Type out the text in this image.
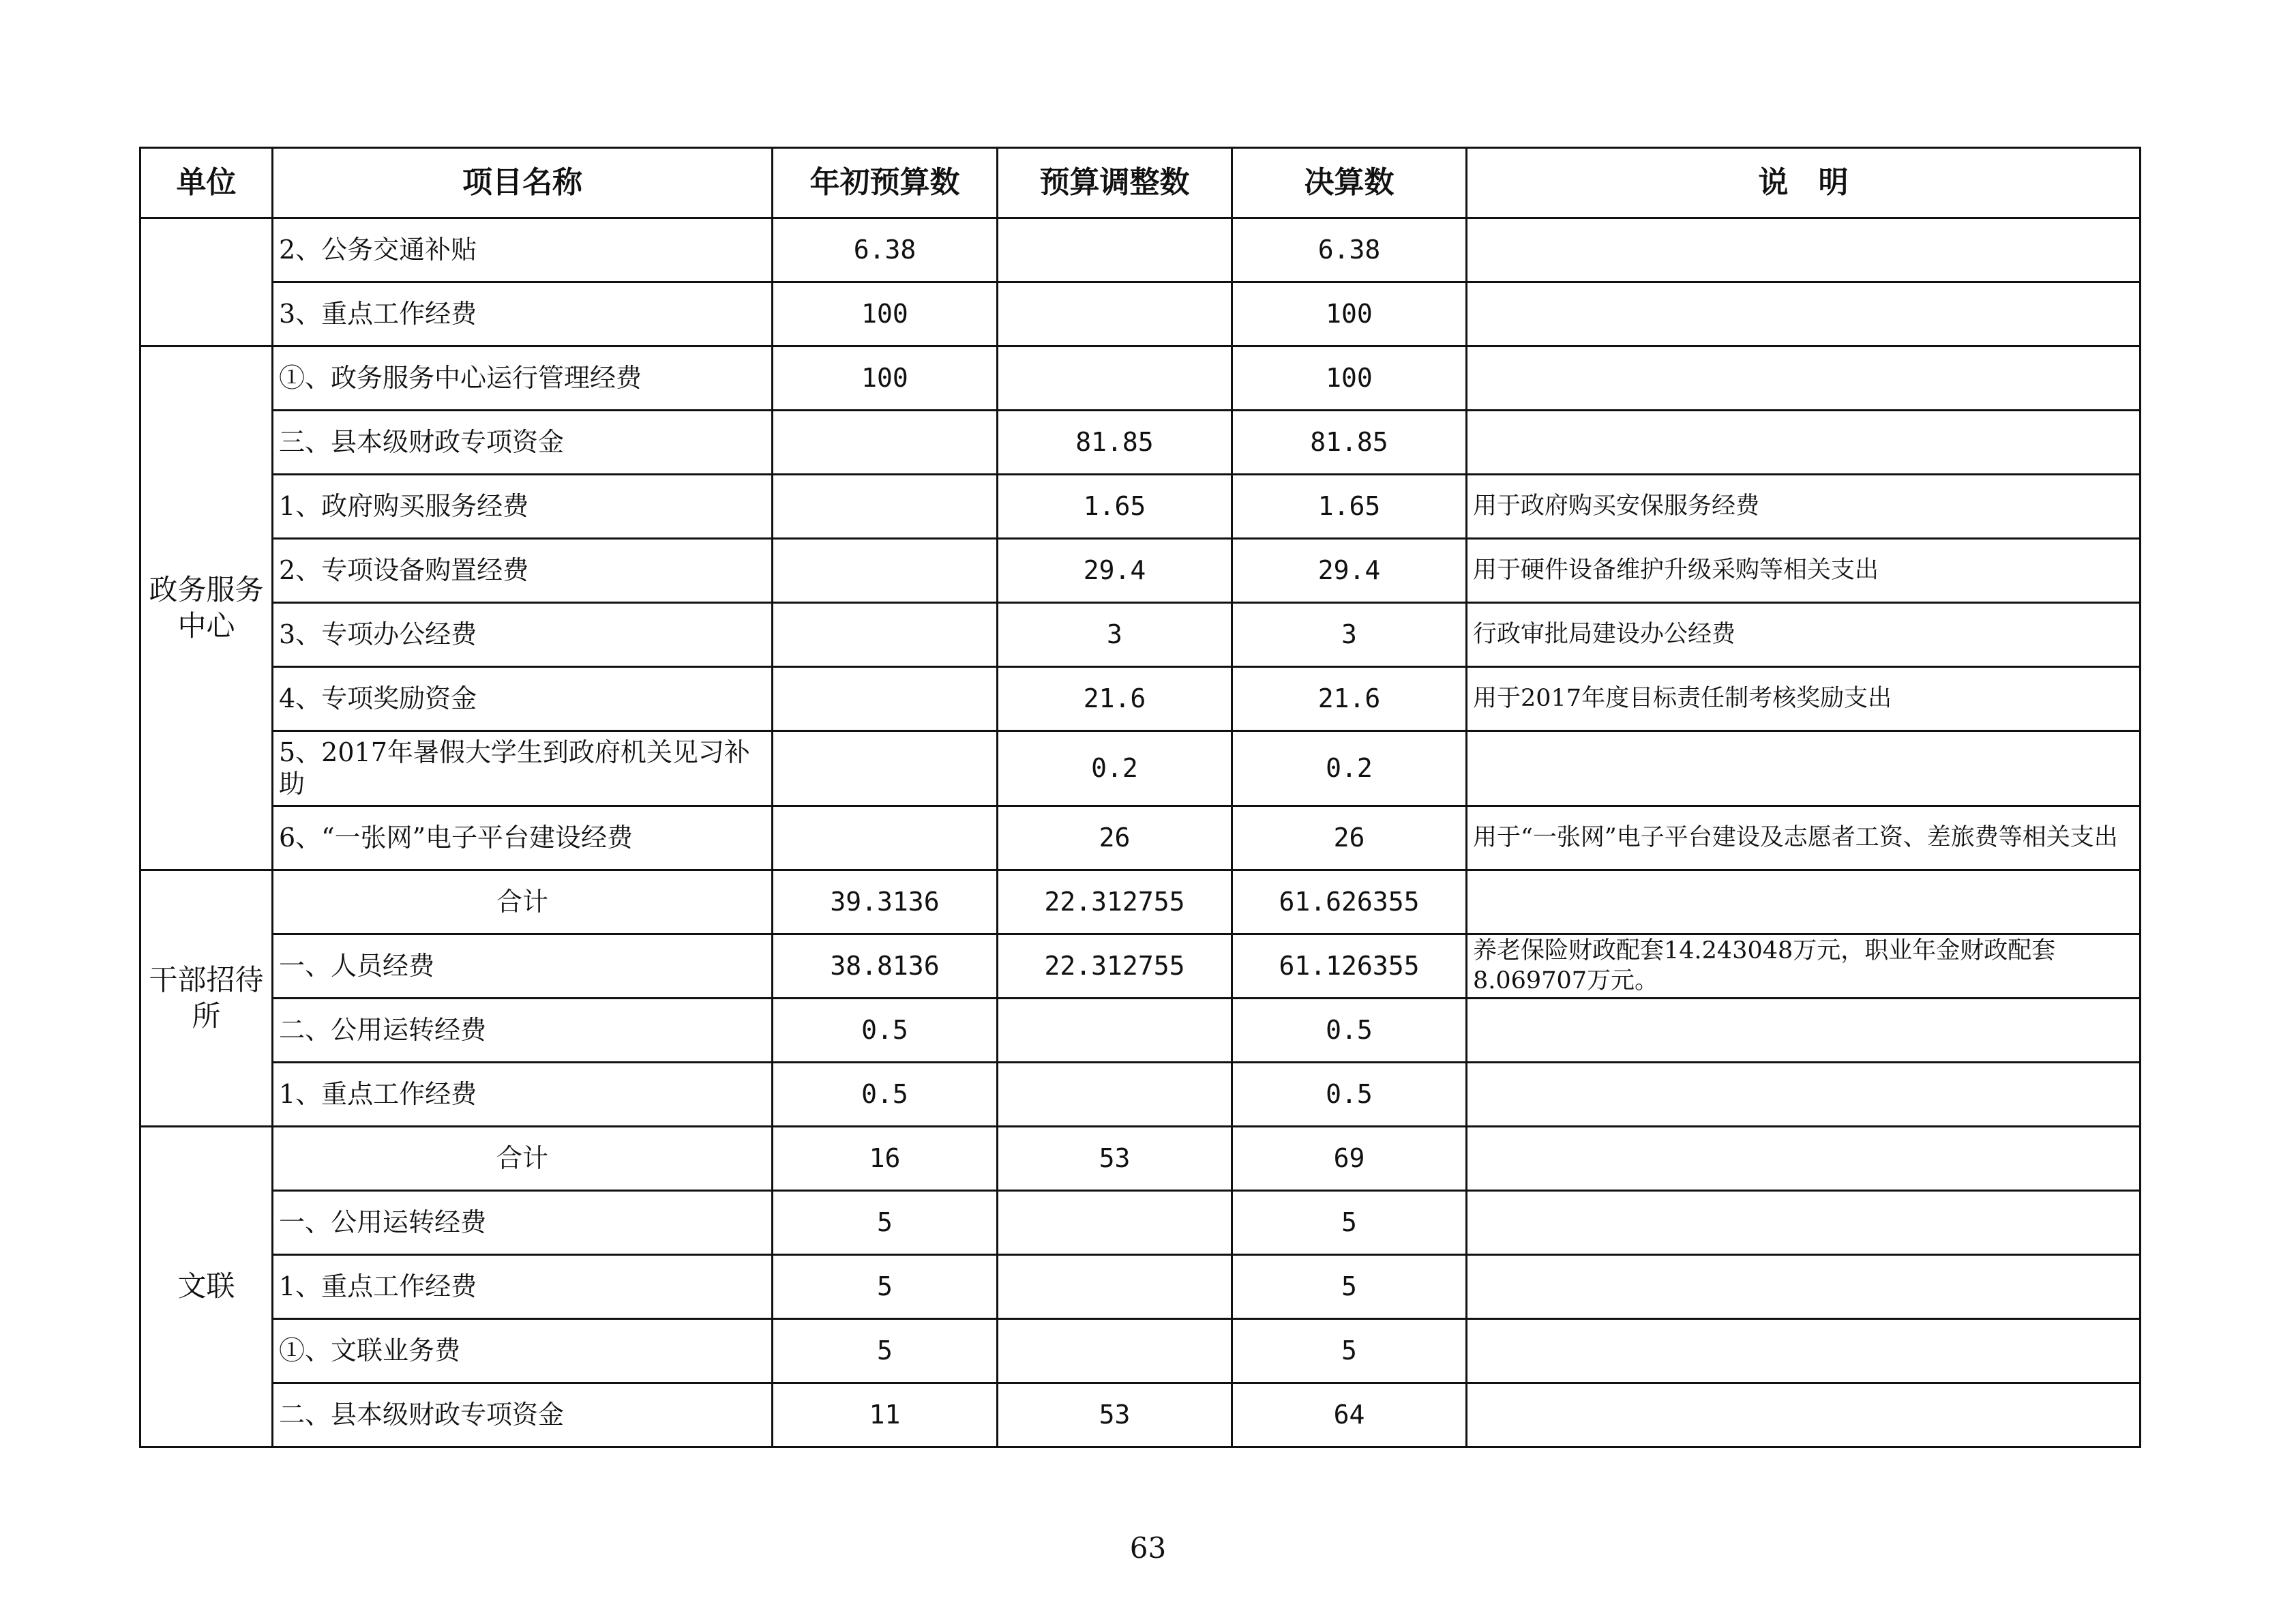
单位	项目名称	年初预算数	预算调整数	决算数	说　明
	2、公务交通补贴	6.38		6.38	
	3、重点工作经费	100		100	
政务服务中心	①、政务服务中心运行管理经费	100		100	
	三、县本级财政专项资金		81.85	81.85	
	1、政府购买服务经费		1.65	1.65	用于政府购买安保服务经费
	2、专项设备购置经费		29.4	29.4	用于硬件设备维护升级采购等相关支出
	3、专项办公经费		3	3	行政审批局建设办公经费
	4、专项奖励资金		21.6	21.6	用于2017年度目标责任制考核奖励支出
	5、2017年暑假大学生到政府机关见习补助		0.2	0.2	
	6、“一张网”电子平台建设经费		26	26	用于“一张网”电子平台建设及志愿者工资、差旅费等相关支出
干部招待所	合计	39.3136	22.312755	61.626355	
	一、人员经费	38.8136	22.312755	61.126355	养老保险财政配套14.243048万元，职业年金财政配套8.069707万元。
	二、公用运转经费	0.5		0.5	
	1、重点工作经费	0.5		0.5	
文联	合计	16	53	69	
	一、公用运转经费	5		5	
	1、重点工作经费	5		5	
	①、文联业务费	5		5	
	二、县本级财政专项资金	11	53	64	
63
